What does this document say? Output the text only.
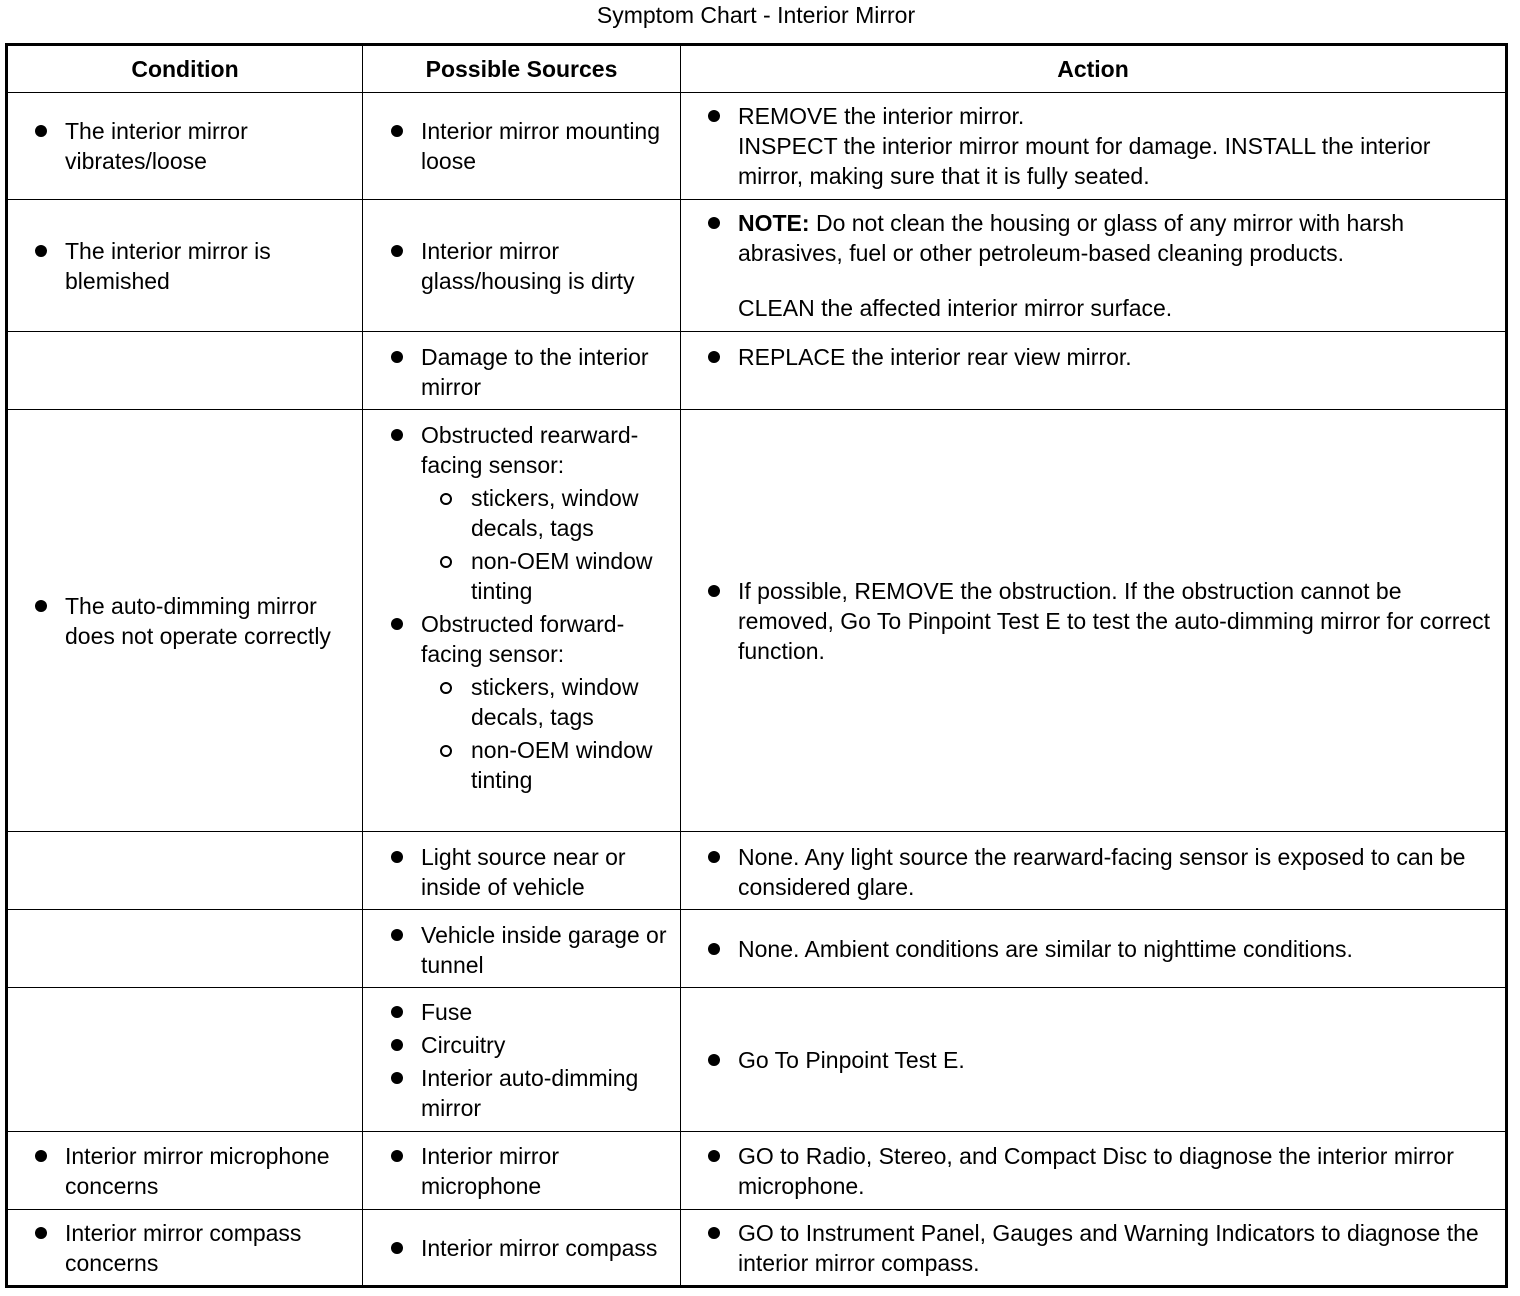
Symptom Chart - Interior Mirror
Condition	Possible Sources	Action
The interior mirror vibrates/loose
Interior mirror mounting loose
REMOVE the interior mirror.
INSPECT the interior mirror mount for damage. INSTALL the interior mirror, making sure that it is fully seated.
The interior mirror is blemished
Interior mirror glass/housing is dirty
NOTE: Do not clean the housing or glass of any mirror with harsh abrasives, fuel or other petroleum-based cleaning products.
CLEAN the affected interior mirror surface.
Damage to the interior mirror
REPLACE the interior rear view mirror.
The auto-dimming mirror does not operate correctly
Obstructed rearward-facing sensor:
stickers, window decals, tags
non-OEM window tinting
Obstructed forward-facing sensor:
stickers, window decals, tags
non-OEM window tinting
If possible, REMOVE the obstruction. If the obstruction cannot be removed, Go To Pinpoint Test E to test the auto-dimming mirror for correct function.
Light source near or inside of vehicle
None. Any light source the rearward-facing sensor is exposed to can be considered glare.
Vehicle inside garage or tunnel
None. Ambient conditions are similar to nighttime conditions.
Fuse
Circuitry
Interior auto-dimming mirror
Go To Pinpoint Test E.
Interior mirror microphone concerns
Interior mirror microphone
GO to Radio, Stereo, and Compact Disc to diagnose the interior mirror microphone.
Interior mirror compass concerns
Interior mirror compass
GO to Instrument Panel, Gauges and Warning Indicators to diagnose the interior mirror compass.
